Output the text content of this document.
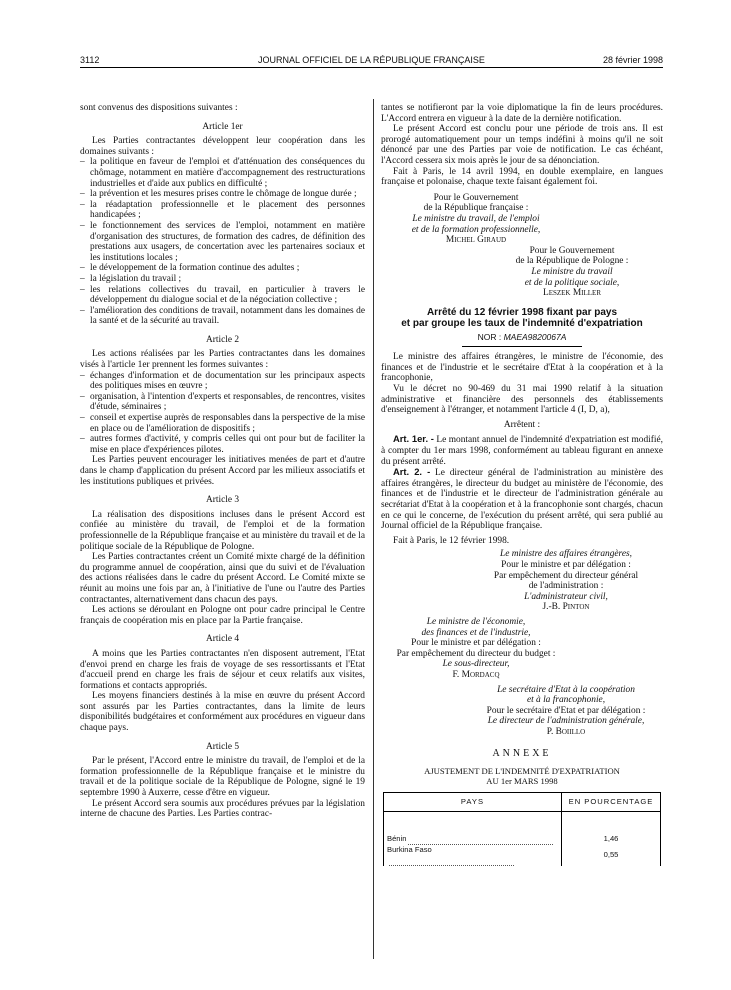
3112	JOURNAL OFFICIEL DE LA RÉPUBLIQUE FRANÇAISE	28 février 1998

sont convenus des dispositions suivantes :

Article 1er

Les Parties contractantes développent leur coopération dans les domaines suivants :

– la politique en faveur de l'emploi et d'atténuation des conséquences du chômage, notamment en matière d'accompagnement des restructurations industrielles et d'aide aux publics en difficulté ;

– la prévention et les mesures prises contre le chômage de longue durée ;

– la réadaptation professionnelle et le placement des personnes handicapées ;

– le fonctionnement des services de l'emploi, notamment en matière d'organisation des structures, de formation des cadres, de définition des prestations aux usagers, de concertation avec les partenaires sociaux et les institutions locales ;

– le développement de la formation continue des adultes ;

– la législation du travail ;

– les relations collectives du travail, en particulier à travers le développement du dialogue social et de la négociation collective ;

– l'amélioration des conditions de travail, notamment dans les domaines de la santé et de la sécurité au travail.

Article 2

Les actions réalisées par les Parties contractantes dans les domaines visés à l'article 1er prennent les formes suivantes :

– échanges d'information et de documentation sur les principaux aspects des politiques mises en œuvre ;

– organisation, à l'intention d'experts et responsables, de rencontres, visites d'étude, séminaires ;

– conseil et expertise auprès de responsables dans la perspective de la mise en place ou de l'amélioration de dispositifs ;

– autres formes d'activité, y compris celles qui ont pour but de faciliter la mise en place d'expériences pilotes.

Les Parties peuvent encourager les initiatives menées de part et d'autre dans le champ d'application du présent Accord par les milieux associatifs et les institutions publiques et privées.

Article 3

La réalisation des dispositions incluses dans le présent Accord est confiée au ministère du travail, de l'emploi et de la formation professionnelle de la République française et au ministère du travail et de la politique sociale de la République de Pologne.

Les Parties contractantes créent un Comité mixte chargé de la définition du programme annuel de coopération, ainsi que du suivi et de l'évaluation des actions réalisées dans le cadre du présent Accord. Le Comité mixte se réunit au moins une fois par an, à l'initiative de l'une ou l'autre des Parties contractantes, alternativement dans chacun des pays.

Les actions se déroulant en Pologne ont pour cadre principal le Centre français de coopération mis en place par la Partie française.

Article 4

A moins que les Parties contractantes n'en disposent autrement, l'Etat d'envoi prend en charge les frais de voyage de ses ressortissants et l'Etat d'accueil prend en charge les frais de séjour et ceux relatifs aux visites, formations et contacts appropriés.

Les moyens financiers destinés à la mise en œuvre du présent Accord sont assurés par les Parties contractantes, dans la limite de leurs disponibilités budgétaires et conformément aux procédures en vigueur dans chaque pays.

Article 5

Par le présent, l'Accord entre le ministre du travail, de l'emploi et de la formation professionnelle de la République française et le ministre du travail et de la politique sociale de la République de Pologne, signé le 19 septembre 1990 à Auxerre, cesse d'être en vigueur.

Le présent Accord sera soumis aux procédures prévues par la législation interne de chacune des Parties. Les Parties contrac-

tantes se notifieront par la voie diplomatique la fin de leurs procédures. L'Accord entrera en vigueur à la date de la dernière notification.

Le présent Accord est conclu pour une période de trois ans. Il est prorogé automatiquement pour un temps indéfini à moins qu'il ne soit dénoncé par une des Parties par voie de notification. Le cas échéant, l'Accord cessera six mois après le jour de sa dénonciation.

Fait à Paris, le 14 avril 1994, en double exemplaire, en langues française et polonaise, chaque texte faisant également foi.

Pour le Gouvernement

de la République française :

Le ministre du travail, de l'emploi

et de la formation professionnelle,

Michel Giraud

Pour le Gouvernement

de la République de Pologne :

Le ministre du travail

et de la politique sociale,

Leszek Miller

Arrêté du 12 février 1998 fixant par pays
et par groupe les taux de l'indemnité d'expatriation
NOR : MAEA9820067A

Le ministre des affaires étrangères, le ministre de l'économie, des finances et de l'industrie et le secrétaire d'Etat à la coopération et à la francophonie,

Vu le décret no 90-469 du 31 mai 1990 relatif à la situation administrative et financière des personnels des établissements d'enseignement à l'étranger, et notamment l'article 4 (I, D, a),

Arrêtent :

Art. 1er. - Le montant annuel de l'indemnité d'expatriation est modifié, à compter du 1er mars 1998, conformément au tableau figurant en annexe du présent arrêté.

Art. 2. - Le directeur général de l'administration au ministère des affaires étrangères, le directeur du budget au ministère de l'économie, des finances et de l'industrie et le directeur de l'administration générale au secrétariat d'Etat à la coopération et à la francophonie sont chargés, chacun en ce qui le concerne, de l'exécution du présent arrêté, qui sera publié au Journal officiel de la République française.

Fait à Paris, le 12 février 1998.

Le ministre des affaires étrangères,

Pour le ministre et par délégation :

Par empêchement du directeur général

de l'administration :

L'administrateur civil,

J.-B. Pinton

Le ministre de l'économie,

des finances et de l'industrie,

Pour le ministre et par délégation :

Par empêchement du directeur du budget :

Le sous-directeur,

F. Mordacq

Le secrétaire d'Etat à la coopération

et à la francophonie,

Pour le secrétaire d'Etat et par délégation :

Le directeur de l'administration générale,

P. Boiillo

ANNEXE
AJUSTEMENT DE L'INDEMNITÉ D'EXPATRIATION
AU 1er MARS 1998
PAYS	EN POURCENTAGE
Bénin	1,46
Burkina Faso	0,55
